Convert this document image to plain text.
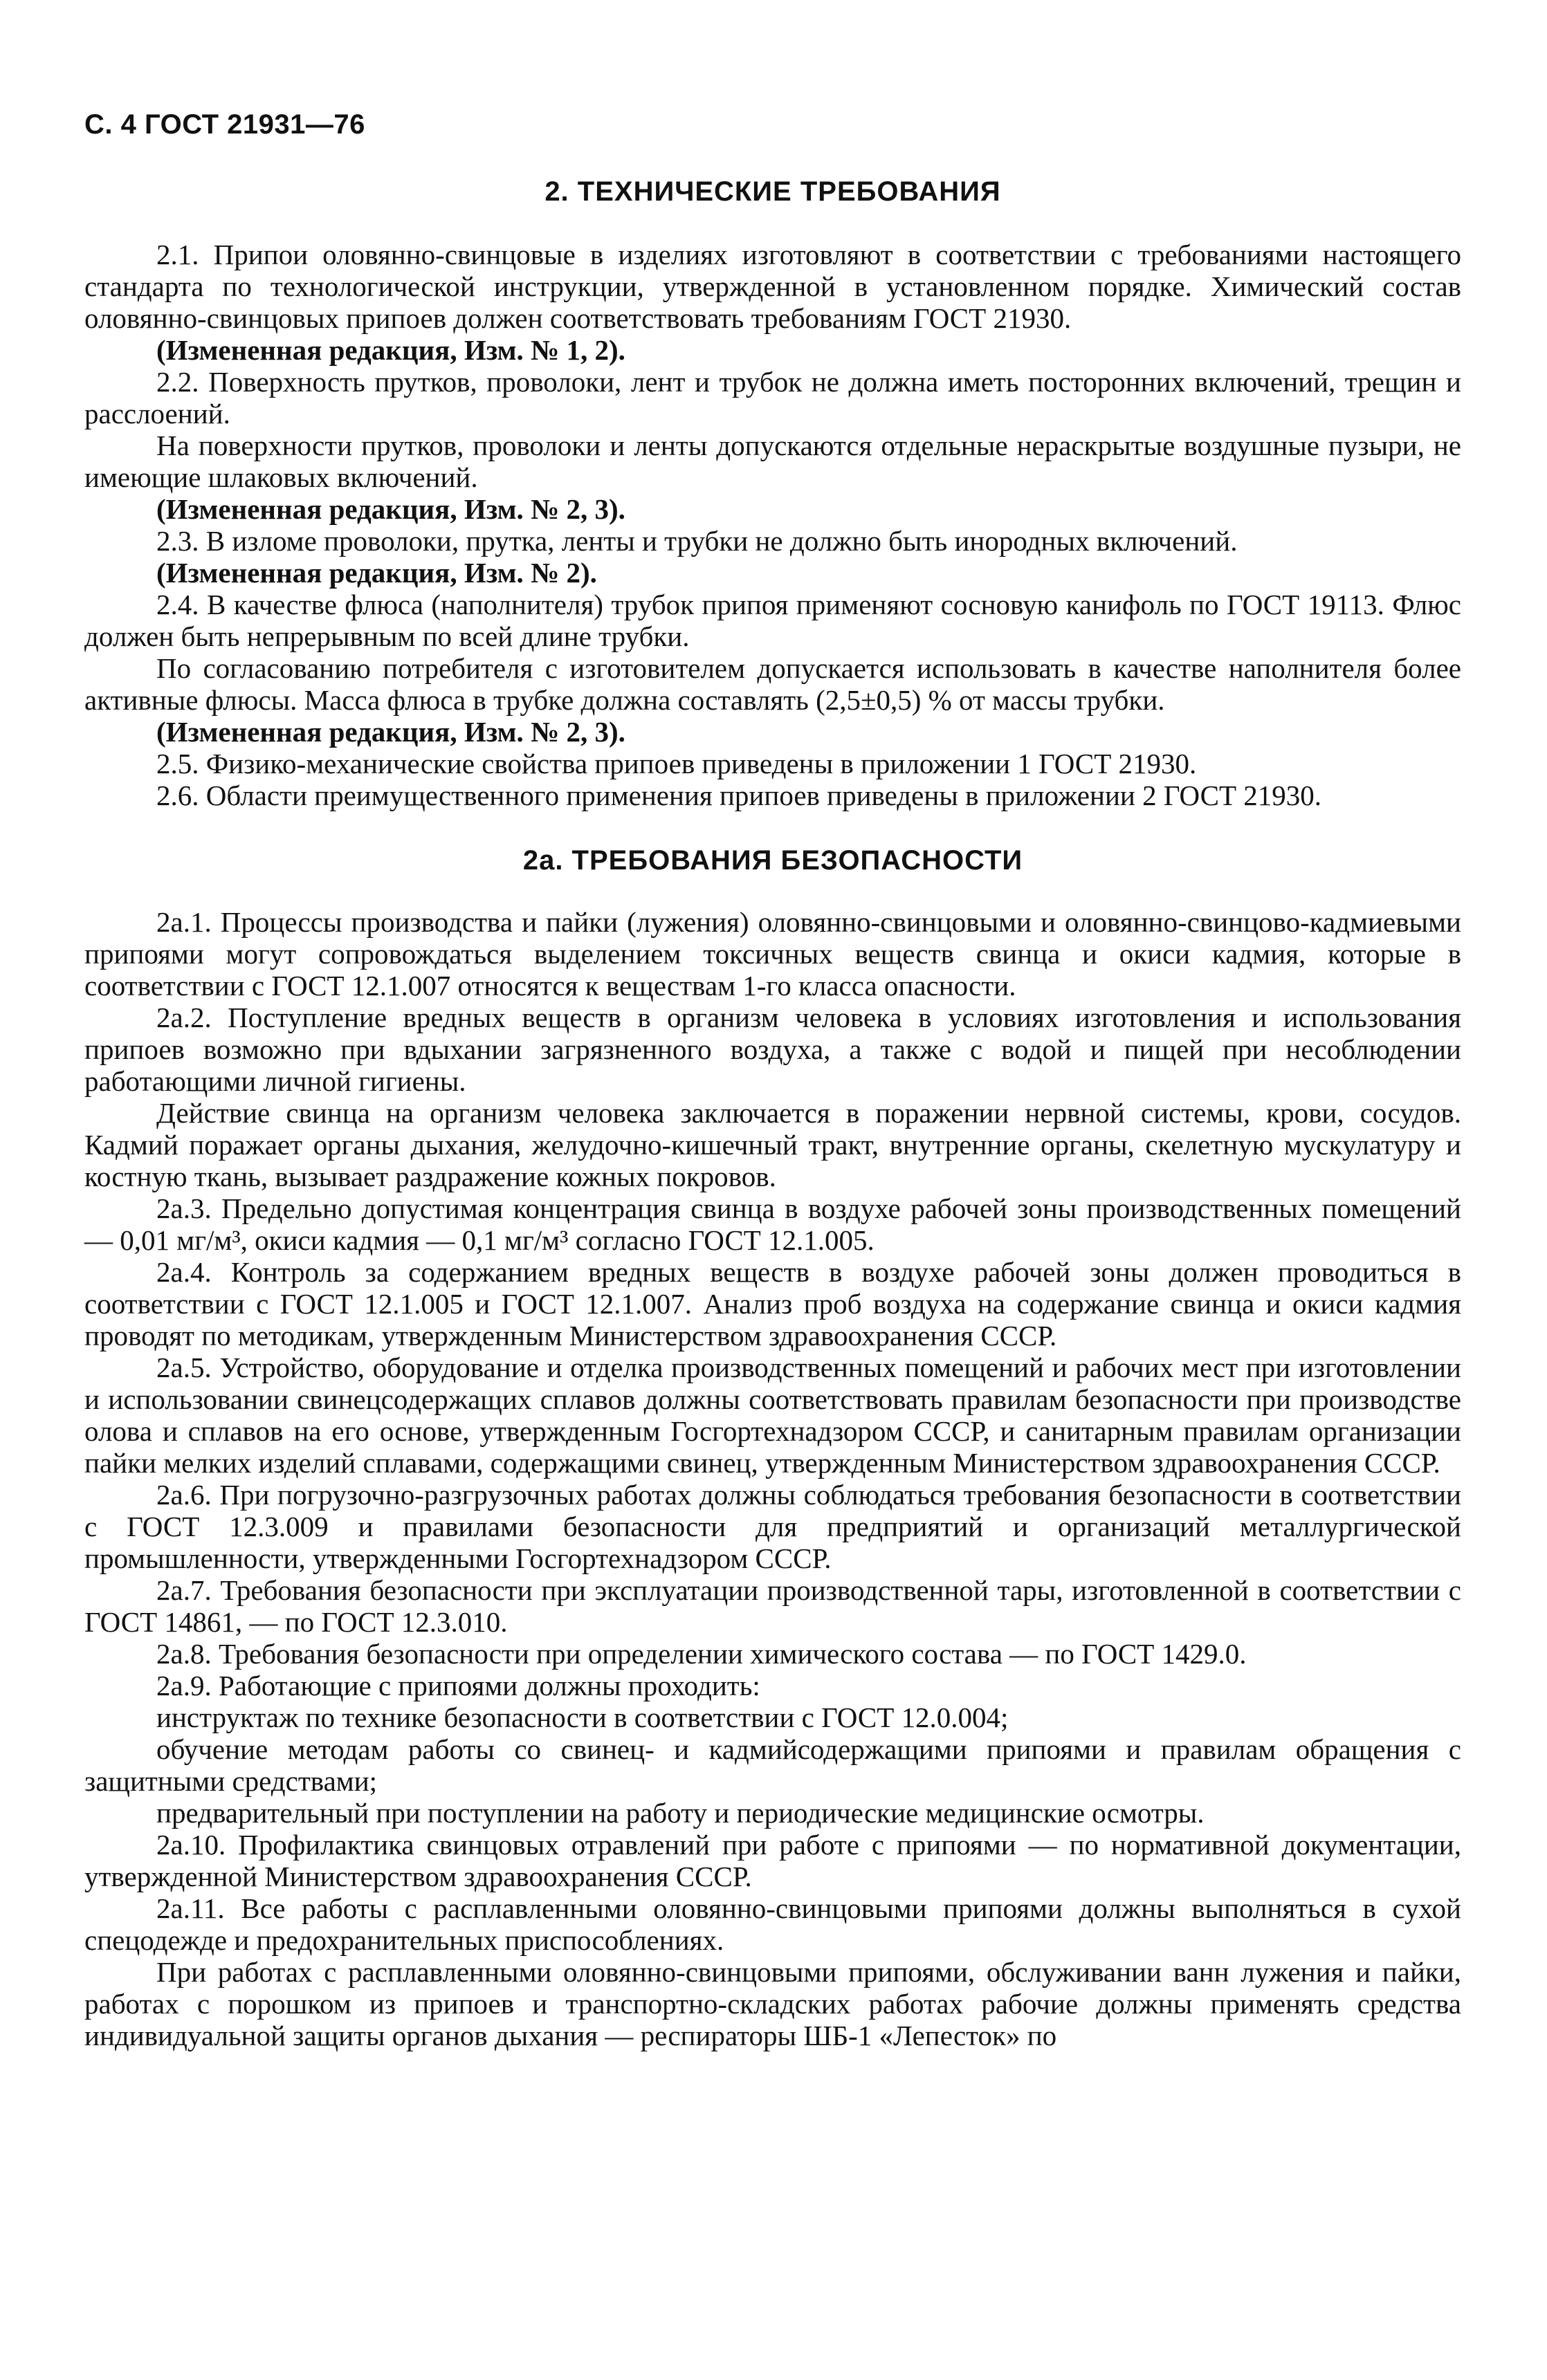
С. 4 ГОСТ 21931—76
2. ТЕХНИЧЕСКИЕ ТРЕБОВАНИЯ

2.1. Припои оловянно-свинцовые в изделиях изготовляют в соответствии с требованиями настоящего стандарта по технологической инструкции, утвержденной в установленном порядке. Химический состав оловянно-свинцовых припоев должен соответствовать требованиям ГОСТ 21930.

(Измененная редакция, Изм. № 1, 2).

2.2. Поверхность прутков, проволоки, лент и трубок не должна иметь посторонних включений, трещин и расслоений.

На поверхности прутков, проволоки и ленты допускаются отдельные нераскрытые воздушные пузыри, не имеющие шлаковых включений.

(Измененная редакция, Изм. № 2, 3).

2.3. В изломе проволоки, прутка, ленты и трубки не должно быть инородных включений.

(Измененная редакция, Изм. № 2).

2.4. В качестве флюса (наполнителя) трубок припоя применяют сосновую канифоль по ГОСТ 19113. Флюс должен быть непрерывным по всей длине трубки.

По согласованию потребителя с изготовителем допускается использовать в качестве наполнителя более активные флюсы. Масса флюса в трубке должна составлять (2,5±0,5) % от массы трубки.

(Измененная редакция, Изм. № 2, 3).

2.5. Физико-механические свойства припоев приведены в приложении 1 ГОСТ 21930.

2.6. Области преимущественного применения припоев приведены в приложении 2 ГОСТ 21930.

2а. ТРЕБОВАНИЯ БЕЗОПАСНОСТИ

2а.1. Процессы производства и пайки (лужения) оловянно-свинцовыми и оловянно-свинцово-кадмиевыми припоями могут сопровождаться выделением токсичных веществ свинца и окиси кадмия, которые в соответствии с ГОСТ 12.1.007 относятся к веществам 1-го класса опасности.

2а.2. Поступление вредных веществ в организм человека в условиях изготовления и использования припоев возможно при вдыхании загрязненного воздуха, а также с водой и пищей при несоблюдении работающими личной гигиены.

Действие свинца на организм человека заключается в поражении нервной системы, крови, сосудов. Кадмий поражает органы дыхания, желудочно-кишечный тракт, внутренние органы, скелетную мускулатуру и костную ткань, вызывает раздражение кожных покровов.

2а.3. Предельно допустимая концентрация свинца в воздухе рабочей зоны производственных помещений — 0,01 мг/м³, окиси кадмия — 0,1 мг/м³ согласно ГОСТ 12.1.005.

2а.4. Контроль за содержанием вредных веществ в воздухе рабочей зоны должен проводиться в соответствии с ГОСТ 12.1.005 и ГОСТ 12.1.007. Анализ проб воздуха на содержание свинца и окиси кадмия проводят по методикам, утвержденным Министерством здравоохранения СССР.

2а.5. Устройство, оборудование и отделка производственных помещений и рабочих мест при изготовлении и использовании свинецсодержащих сплавов должны соответствовать правилам безопасности при производстве олова и сплавов на его основе, утвержденным Госгортехнадзором СССР, и санитарным правилам организации пайки мелких изделий сплавами, содержащими свинец, утвержденным Министерством здравоохранения СССР.

2а.6. При погрузочно-разгрузочных работах должны соблюдаться требования безопасности в соответствии с ГОСТ 12.3.009 и правилами безопасности для предприятий и организаций металлургической промышленности, утвержденными Госгортехнадзором СССР.

2а.7. Требования безопасности при эксплуатации производственной тары, изготовленной в соответствии с ГОСТ 14861, — по ГОСТ 12.3.010.

2а.8. Требования безопасности при определении химического состава — по ГОСТ 1429.0.

2а.9. Работающие с припоями должны проходить:

инструктаж по технике безопасности в соответствии с ГОСТ 12.0.004;

обучение методам работы со свинец- и кадмийсодержащими припоями и правилам обращения с защитными средствами;

предварительный при поступлении на работу и периодические медицинские осмотры.

2а.10. Профилактика свинцовых отравлений при работе с припоями — по нормативной документации, утвержденной Министерством здравоохранения СССР.

2а.11. Все работы с расплавленными оловянно-свинцовыми припоями должны выполняться в сухой спецодежде и предохранительных приспособлениях.

При работах с расплавленными оловянно-свинцовыми припоями, обслуживании ванн лужения и пайки, работах с порошком из припоев и транспортно-складских работах рабочие должны применять средства индивидуальной защиты органов дыхания — респираторы ШБ-1 «Лепесток» по
